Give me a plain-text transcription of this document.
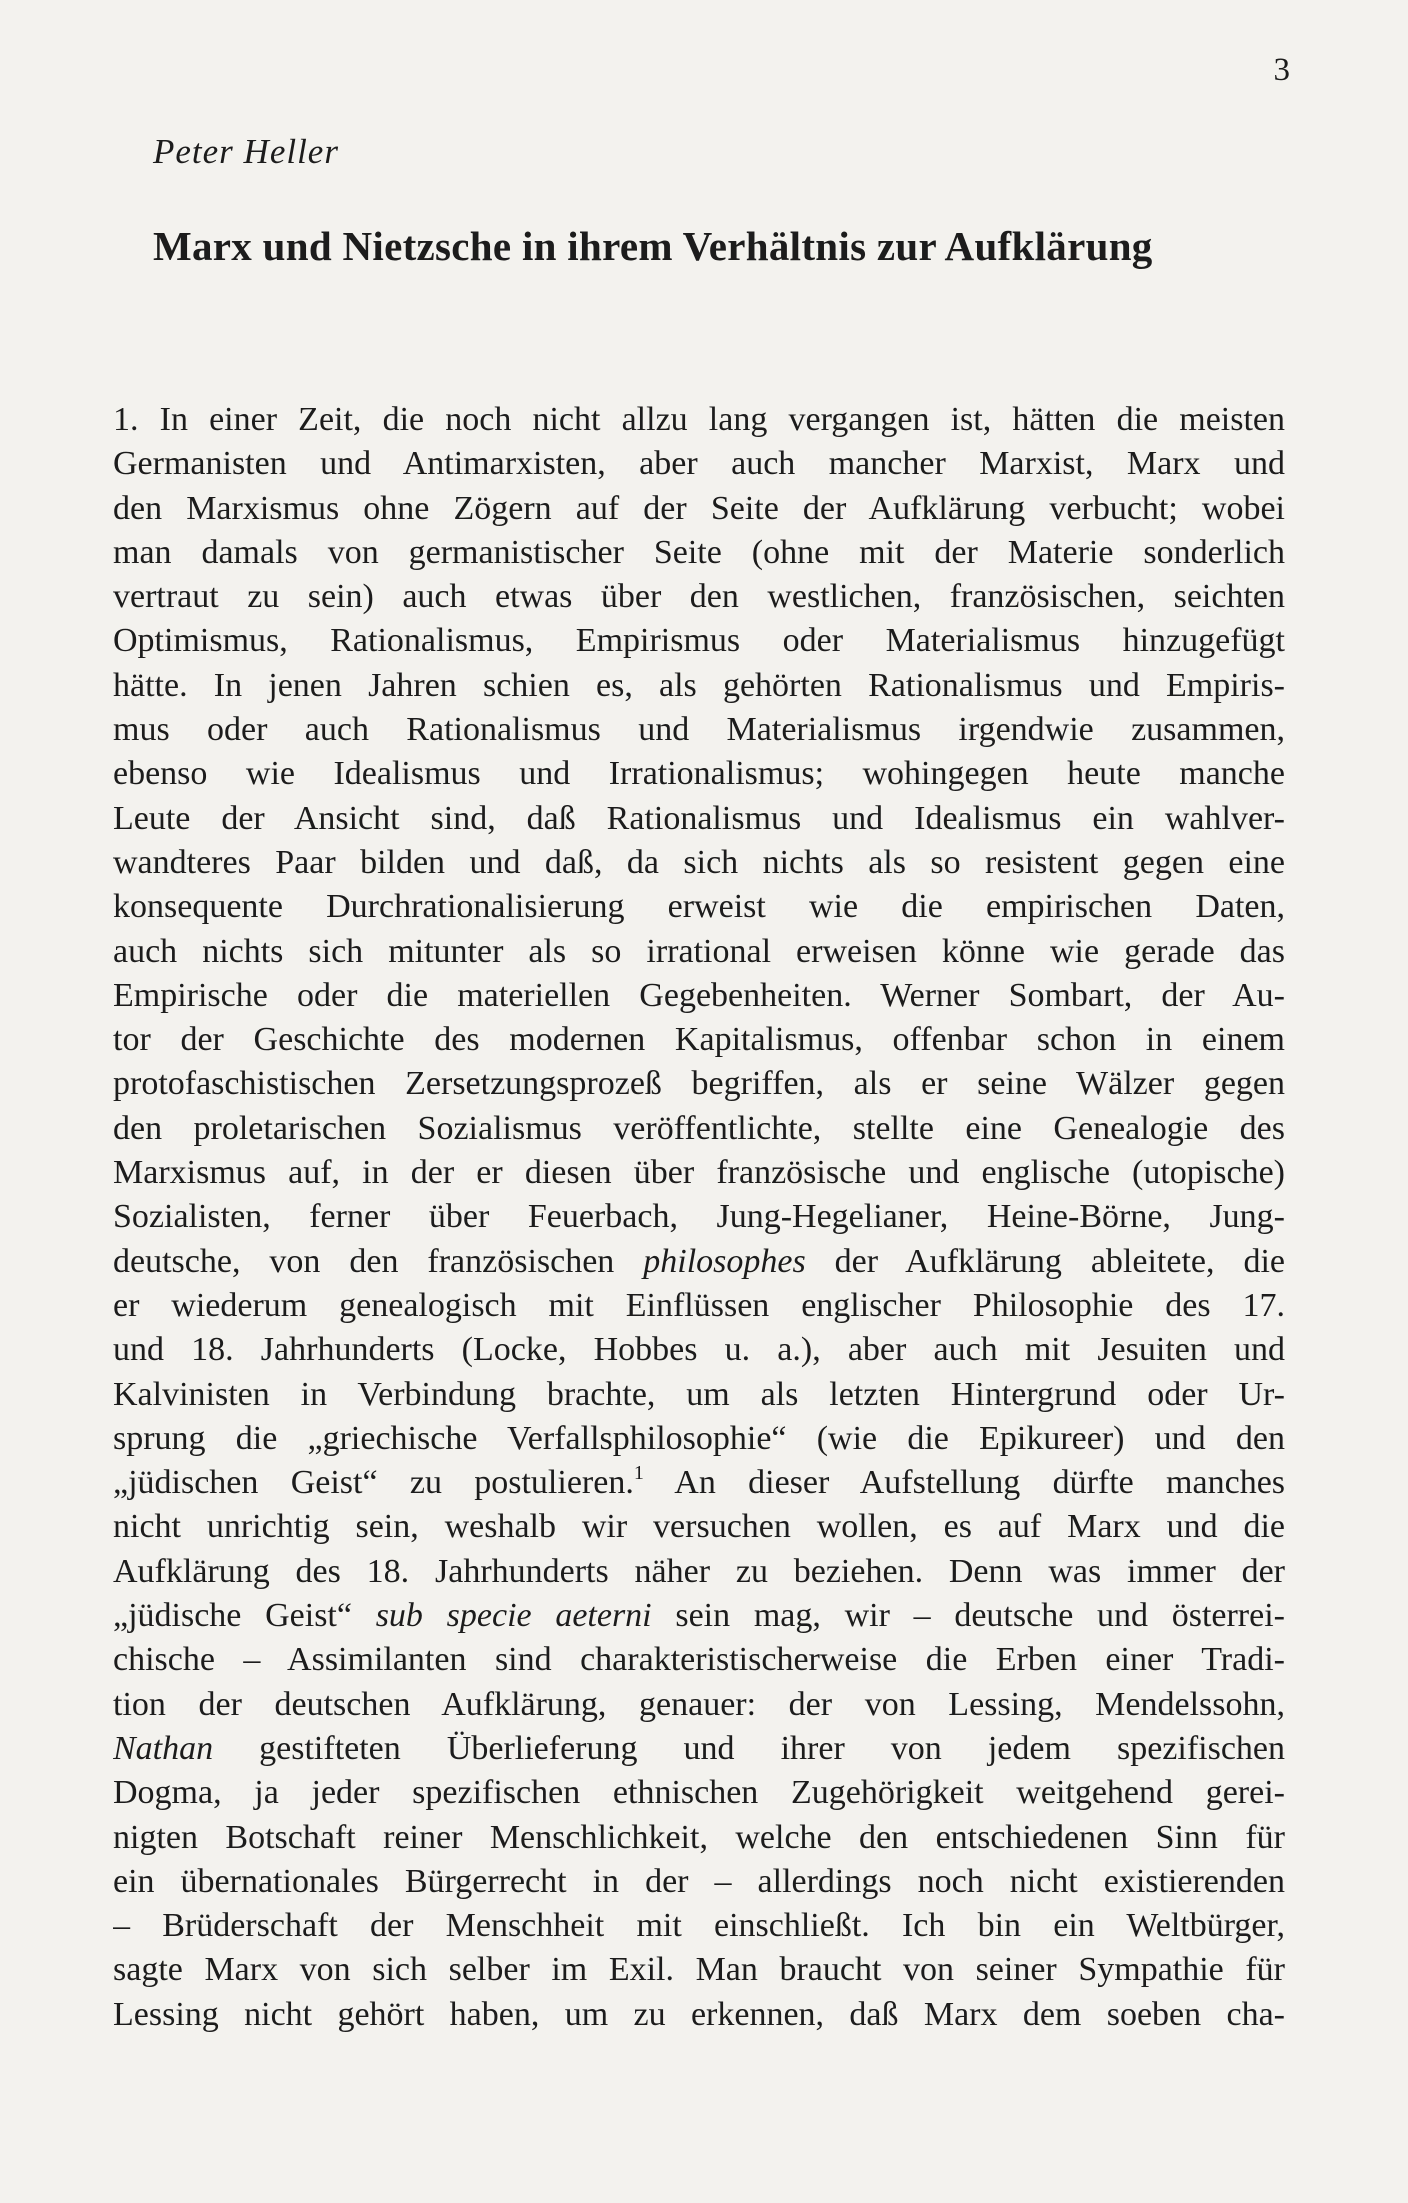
3
Peter Heller
Marx und Nietzsche in ihrem Verhältnis zur Aufklärung
1. In einer Zeit, die noch nicht allzu lang vergangen ist, hätten die meisten
Germanisten und Antimarxisten, aber auch mancher Marxist, Marx und
den Marxismus ohne Zögern auf der Seite der Aufklärung verbucht; wobei
man damals von germanistischer Seite (ohne mit der Materie sonderlich
vertraut zu sein) auch etwas über den westlichen, französischen, seichten
Optimismus, Rationalismus, Empirismus oder Materialismus hinzugefügt
hätte. In jenen Jahren schien es, als gehörten Rationalismus und Empiris-
mus oder auch Rationalismus und Materialismus irgendwie zusammen,
ebenso wie Idealismus und Irrationalismus; wohingegen heute manche
Leute der Ansicht sind, daß Rationalismus und Idealismus ein wahlver-
wandteres Paar bilden und daß, da sich nichts als so resistent gegen eine
konsequente Durchrationalisierung erweist wie die empirischen Daten,
auch nichts sich mitunter als so irrational erweisen könne wie gerade das
Empirische oder die materiellen Gegebenheiten. Werner Sombart, der Au-
tor der Geschichte des modernen Kapitalismus, offenbar schon in einem
protofaschistischen Zersetzungsprozeß begriffen, als er seine Wälzer gegen
den proletarischen Sozialismus veröffentlichte, stellte eine Genealogie des
Marxismus auf, in der er diesen über französische und englische (utopische)
Sozialisten, ferner über Feuerbach, Jung-Hegelianer, Heine-Börne, Jung-
deutsche, von den französischen philosophes der Aufklärung ableitete, die
er wiederum genealogisch mit Einflüssen englischer Philosophie des 17.
und 18. Jahrhunderts (Locke, Hobbes u. a.), aber auch mit Jesuiten und
Kalvinisten in Verbindung brachte, um als letzten Hintergrund oder Ur-
sprung die „griechische Verfallsphilosophie“ (wie die Epikureer) und den
„jüdischen Geist“ zu postulieren.$^1$ An dieser Aufstellung dürfte manches
nicht unrichtig sein, weshalb wir versuchen wollen, es auf Marx und die
Aufklärung des 18. Jahrhunderts näher zu beziehen. Denn was immer der
„jüdische Geist“ sub specie aeterni sein mag, wir – deutsche und österrei-
chische – Assimilanten sind charakteristischerweise die Erben einer Tradi-
tion der deutschen Aufklärung, genauer: der von Lessing, Mendelssohn,
Nathan gestifteten Überlieferung und ihrer von jedem spezifischen
Dogma, ja jeder spezifischen ethnischen Zugehörigkeit weitgehend gerei-
nigten Botschaft reiner Menschlichkeit, welche den entschiedenen Sinn für
ein übernationales Bürgerrecht in der – allerdings noch nicht existierenden
– Brüderschaft der Menschheit mit einschließt. Ich bin ein Weltbürger,
sagte Marx von sich selber im Exil. Man braucht von seiner Sympathie für
Lessing nicht gehört haben, um zu erkennen, daß Marx dem soeben cha-
